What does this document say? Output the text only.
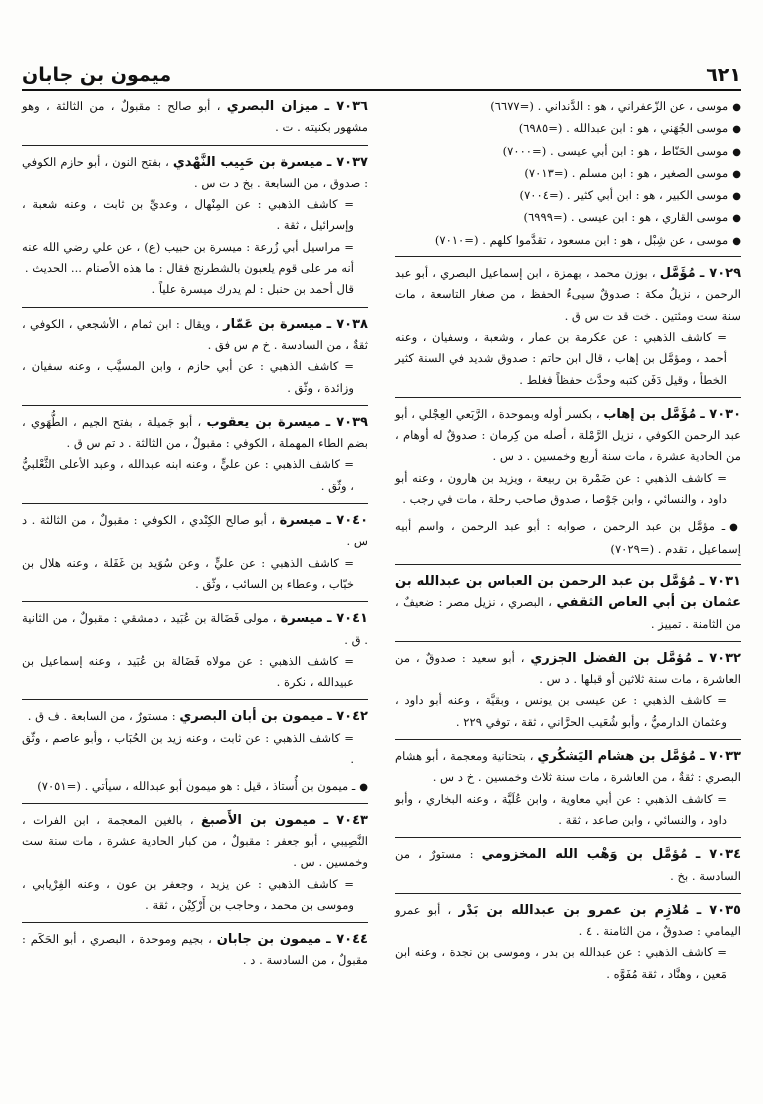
ميمون بن جابان	٦٢١

●موسى ، عن الزّعفراني ، هو : الدَّنداني . (=٦٦٧٧)

●موسى الجُهَني ، هو : ابن عبدالله . (=٦٩٨٥)

●موسى الحَنّاط ، هو : ابن أبي عيسى . (=٧٠٠٠)

●موسى الصغير ، هو : ابن مسلم . (=٧٠١٣)

●موسى الكبير ، هو : ابن أبي كثير . (=٧٠٠٤)

●موسى القاري ، هو : ابن عيسى . (=٦٩٩٩)

●موسى ، عن شِبْل ، هو : ابن مسعود ، تقدَّموا كلهم . (=٧٠١٠)

٧٠٢٩ ـ مُؤَمَّل ، بوزن محمد ، بهمزة ، ابن إسماعيل البصري ، أبو عبد الرحمن ، نزيلُ مكة : صدوقٌ سيىءُ الحفظ ، من صغار التاسعة ، مات سنة ست ومئتين . خت قد ت س ق .

= كاشف الذهبي : عن عكرمة بن عمار ، وشعبة ، وسفيان ، وعنه أحمد ، ومؤمَّل بن إهاب ، قال ابن حاتم : صدوق شديد في السنة كثير الخطأ ، وقيل دَفَن كتبه وحدَّث حفظاً فغلط .

٧٠٣٠ ـ مُؤَمَّل بن إهاب ، بكسر أوله وبموحدة ، الرَّبَعي العِجْلي ، أبو عبد الرحمن الكوفي ، نزيل الرَّمْلة ، أصله من كِرمان : صدوقٌ له أوهام ، من الحادية عشرة ، مات سنة أربع وخمسين . د س .

= كاشف الذهبي : عن ضَمْرة بن ربيعة ، ويزيد بن هارون ، وعنه أبو داود ، والنسائي ، وابن جَوْصا ، صدوق صاحب رحلة ، مات في رجب .

●ـ مؤمَّل بن عبد الرحمن ، صوابه : أبو عبد الرحمن ، واسم أبيه إسماعيل ، تقدم . (=٧٠٢٩)

٧٠٣١ ـ مُؤمَّل بن عبد الرحمن بن العباس بن عبدالله بن عثمان بن أبي العاص الثقفي ، البصري ، نزيل مصر : ضعيفٌ ، من الثامنة . تمييز .

٧٠٣٢ ـ مُؤمَّل بن الفضل الجزري ، أبو سعيد : صدوقٌ ، من العاشرة ، مات سنة ثلاثين أو قبلها . د س .

= كاشف الذهبي : عن عيسى بن يونس ، وبقيَّة ، وعنه أبو داود ، وعثمان الدارميُّ ، وأبو شُعَيب الحرَّاني ، ثقة ، توفي ٢٢٩ .

٧٠٣٣ ـ مُؤمَّل بن هشام اليَشكُري ، بتحتانية ومعجمة ، أبو هشام البصري : ثقةٌ ، من العاشرة ، مات سنة ثلاث وخمسين . خ د س .

= كاشف الذهبي : عن أبي معاوية ، وابن عُلَيَّة ، وعنه البخاري ، وأبو داود ، والنسائي ، وابن صاعد ، ثقة .

٧٠٣٤ ـ مُؤمَّل بن وَهْب الله المخزومي : مستورٌ ، من السادسة . بخ .

٧٠٣٥ ـ مُلازِم بن عمرو بن عبدالله بن بَدْر ، أبو عمرو اليمامي : صدوقٌ ، من الثامنة . ٤ .

= كاشف الذهبي : عن عبدالله بن بدر ، وموسى بن نجدة ، وعنه ابن مَعين ، وهنَّاد ، ثقة مُفَوَّه .

٧٠٣٦ ـ ميزان البصري ، أبو صالح : مقبولٌ ، من الثالثة ، وهو مشهور بكنيته . ت .

٧٠٣٧ ـ ميسرة بن حَبِيب النَّهْدي ، بفتح النون ، أبو حازم الكوفي : صدوق ، من السابعة . بخ د ت س .

= كاشف الذهبي : عن المِنْهال ، وعديِّ بن ثابت ، وعنه شعبة ، وإسرائيل ، ثقة .

= مراسيل أبي زُرعة : ميسرة بن حبيب (ع) ، عن علي رضي الله عنه أنه مر على قوم يلعبون بالشطرنج فقال : ما هذه الأصنام ... الحديث .

قال أحمد بن حنبل : لم يدرك ميسرة علياً .

٧٠٣٨ ـ ميسرة بن عَمّار ، ويقال : ابن ثمام ، الأشجعي ، الكوفي ، ثقةٌ ، من السادسة . خ م س فق .

= كاشف الذهبي : عن أبي حازم ، وابن المسيَّب ، وعنه سفيان ، وزائدة ، وثّق .

٧٠٣٩ ـ ميسرة بن يعقوب ، أبو جَميلة ، بفتح الجيم ، الطُّهَوي ، بضم الطاء المهملة ، الكوفي : مقبولٌ ، من الثالثة . د تم س ق .

= كاشف الذهبي : عن عليٍّ ، وعنه ابنه عبدالله ، وعبد الأعلى الثَّعْلبيُّ ، وثّق .

٧٠٤٠ ـ ميسرة ، أبو صالح الكِنْدي ، الكوفي : مقبولٌ ، من الثالثة . د س .

= كاشف الذهبي : عن عليٍّ ، وعن سُوَيد بن غَفَلة ، وعنه هلال بن خبّاب ، وعطاء بن السائب ، وثّق .

٧٠٤١ ـ ميسرة ، مولى فَضَالة بن عُبَيد ، دمشقي : مقبولٌ ، من الثانية . ق .

= كاشف الذهبي : عن مولاه فَضَالة بن عُبَيد ، وعنه إسماعيل بن عبيدالله ، نكرة .

٧٠٤٢ ـ ميمون بن أبان البصري : مستورٌ ، من السابعة . ف ق .

= كاشف الذهبي : عن ثابت ، وعنه زيد بن الحُبَاب ، وأبو عاصم ، وثّق .

●ـ ميمون بن أُستاذ ، قيل : هو ميمون أبو عبدالله ، سيأتي . (=٧٠٥١)

٧٠٤٣ ـ ميمون بن الأَصبغ ، بالغين المعجمة ، ابن الفرات ، النَّصِيبي ، أبو جعفر : مقبولٌ ، من كبار الحادية عشرة ، مات سنة ست وخمسين . س .

= كاشف الذهبي : عن يزيد ، وجعفر بن عون ، وعنه الفِرْيابي ، وموسى بن محمد ، وحاجب بن أَرْكِيْن ، ثقة .

٧٠٤٤ ـ ميمون بن جابان ، بجيم وموحدة ، البصري ، أبو الحَكَم : مقبولٌ ، من السادسة . د .
